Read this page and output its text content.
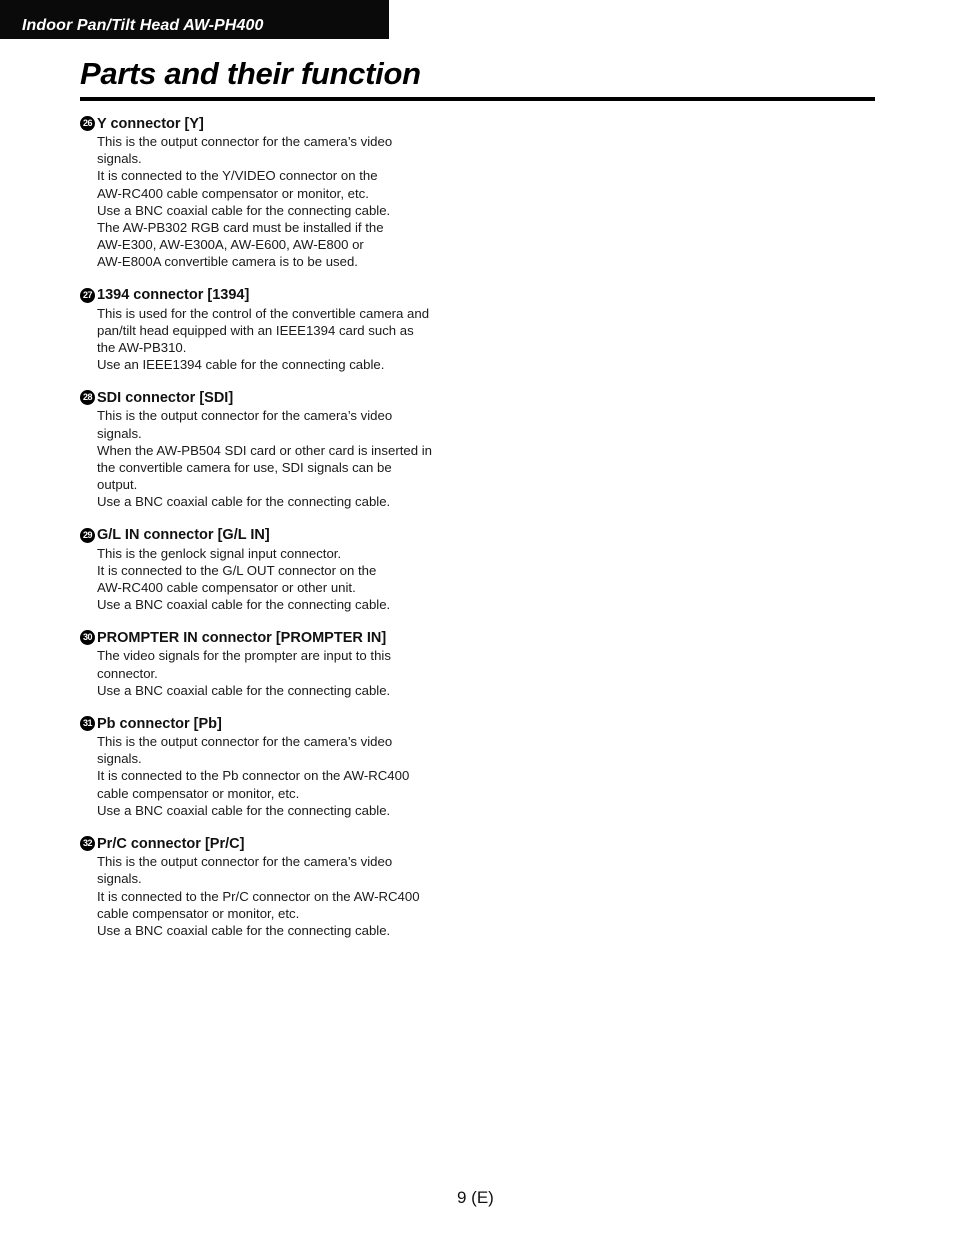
Indoor Pan/Tilt Head AW-PH400
Parts and their function
26 Y connector [Y]
This is the output connector for the camera’s video
signals.
It is connected to the Y/VIDEO connector on the
AW-RC400 cable compensator or monitor, etc.
Use a BNC coaxial cable for the connecting cable.
The AW-PB302 RGB card must be installed if the
AW-E300, AW-E300A, AW-E600, AW-E800 or
AW-E800A convertible camera is to be used.
27 1394 connector [1394]
This is used for the control of the convertible camera and
pan/tilt head equipped with an IEEE1394 card such as
the AW-PB310.
Use an IEEE1394 cable for the connecting cable.
28 SDI connector [SDI]
This is the output connector for the camera’s video
signals.
When the AW-PB504 SDI card or other card is inserted in
the convertible camera for use, SDI signals can be
output.
Use a BNC coaxial cable for the connecting cable.
29 G/L IN connector [G/L IN]
This is the genlock signal input connector.
It is connected to the G/L OUT connector on the
AW-RC400 cable compensator or other unit.
Use a BNC coaxial cable for the connecting cable.
30 PROMPTER IN connector [PROMPTER IN]
The video signals for the prompter are input to this
connector.
Use a BNC coaxial cable for the connecting cable.
31 Pb connector [Pb]
This is the output connector for the camera’s video
signals.
It is connected to the Pb connector on the AW-RC400
cable compensator or monitor, etc.
Use a BNC coaxial cable for the connecting cable.
32 Pr/C connector [Pr/C]
This is the output connector for the camera’s video
signals.
It is connected to the Pr/C connector on the AW-RC400
cable compensator or monitor, etc.
Use a BNC coaxial cable for the connecting cable.
9 (E)
